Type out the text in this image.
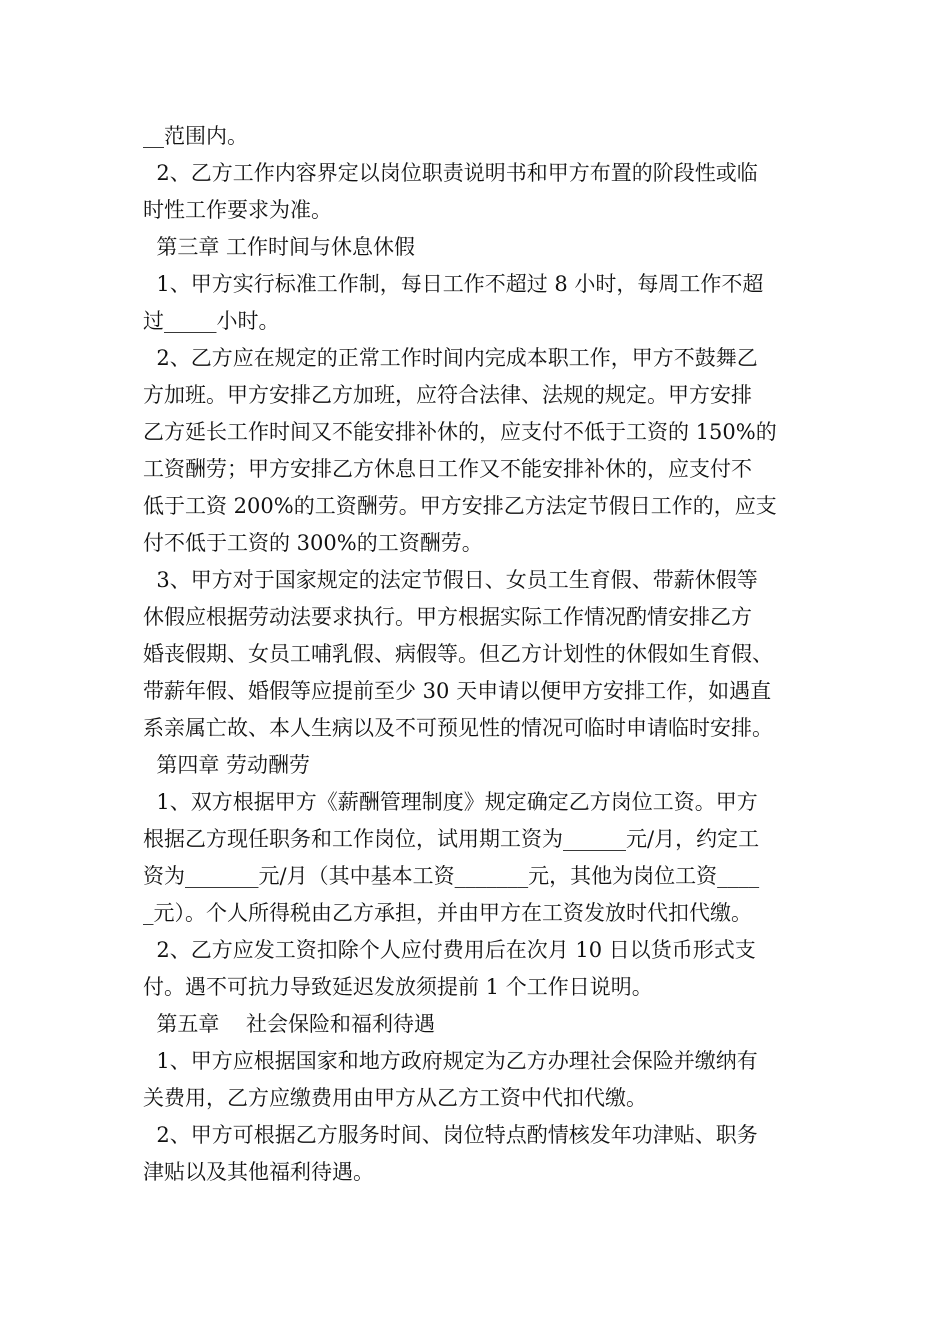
__范围内。
2、乙方工作内容界定以岗位职责说明书和甲方布置的阶段性或临
时性工作要求为准。
第三章 工作时间与休息休假
1、甲方实行标准工作制，每日工作不超过 8 小时，每周工作不超
过_____小时。
2、乙方应在规定的正常工作时间内完成本职工作，甲方不鼓舞乙
方加班。甲方安排乙方加班，应符合法律、法规的规定。甲方安排
乙方延长工作时间又不能安排补休的，应支付不低于工资的 150%的
工资酬劳；甲方安排乙方休息日工作又不能安排补休的，应支付不
低于工资 200%的工资酬劳。甲方安排乙方法定节假日工作的，应支
付不低于工资的 300%的工资酬劳。
3、甲方对于国家规定的法定节假日、女员工生育假、带薪休假等
休假应根据劳动法要求执行。甲方根据实际工作情况酌情安排乙方
婚丧假期、女员工哺乳假、病假等。但乙方计划性的休假如生育假、
带薪年假、婚假等应提前至少 30 天申请以便甲方安排工作，如遇直
系亲属亡故、本人生病以及不可预见性的情况可临时申请临时安排。
第四章 劳动酬劳
1、双方根据甲方《薪酬管理制度》规定确定乙方岗位工资。甲方
根据乙方现任职务和工作岗位，试用期工资为______元/月，约定工
资为_______元/月（其中基本工资_______元，其他为岗位工资____
_元）。个人所得税由乙方承担，并由甲方在工资发放时代扣代缴。
2、乙方应发工资扣除个人应付费用后在次月 10 日以货币形式支
付。遇不可抗力导致延迟发放须提前 1 个工作日说明。
第五章    社会保险和福利待遇
1、甲方应根据国家和地方政府规定为乙方办理社会保险并缴纳有
关费用，乙方应缴费用由甲方从乙方工资中代扣代缴。
2、甲方可根据乙方服务时间、岗位特点酌情核发年功津贴、职务
津贴以及其他福利待遇。
